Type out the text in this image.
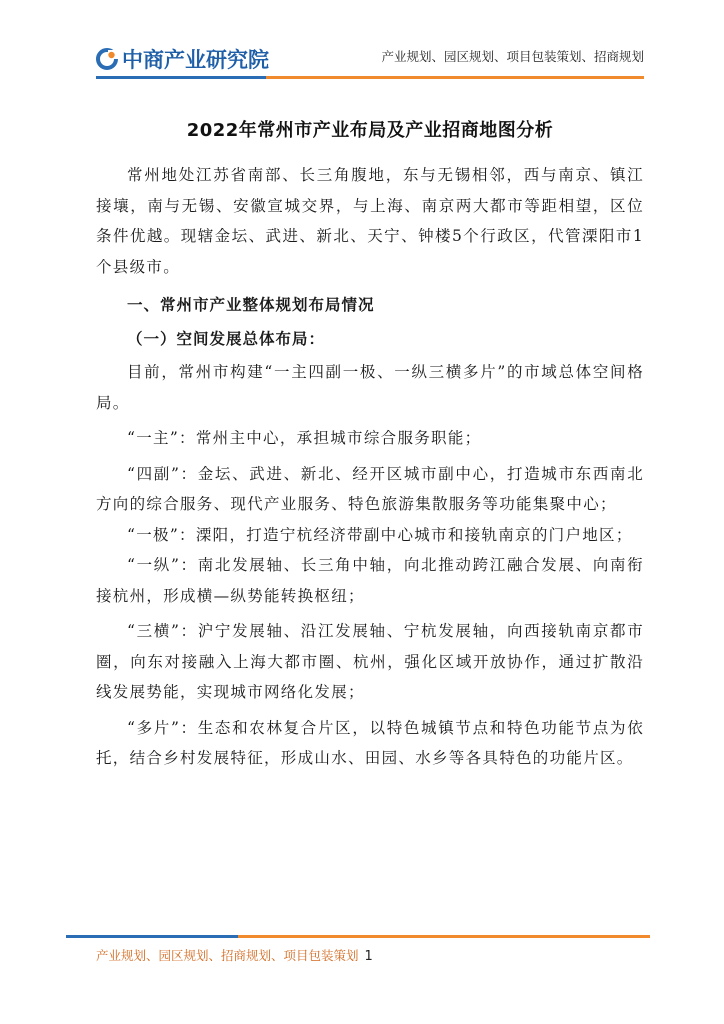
中商产业研究院	产业规划、园区规划、项目包装策划、招商规划
2022年常州市产业布局及产业招商地图分析

常州地处江苏省南部、长三角腹地，东与无锡相邻，西与南京、镇江接壤，南与无锡、安徽宣城交界，与上海、南京两大都市等距相望，区位条件优越。现辖金坛、武进、新北、天宁、钟楼5个行政区，代管溧阳市1个县级市。

一、常州市产业整体规划布局情况
（一）空间发展总体布局：

目前，常州市构建“一主四副一极、一纵三横多片”的市域总体空间格局。

“一主”：常州主中心，承担城市综合服务职能；

“四副”：金坛、武进、新北、经开区城市副中心，打造城市东西南北方向的综合服务、现代产业服务、特色旅游集散服务等功能集聚中心；

“一极”：溧阳，打造宁杭经济带副中心城市和接轨南京的门户地区；

“一纵”：南北发展轴、长三角中轴，向北推动跨江融合发展、向南衔接杭州，形成横—纵势能转换枢纽；

“三横”：沪宁发展轴、沿江发展轴、宁杭发展轴，向西接轨南京都市圈，向东对接融入上海大都市圈、杭州，强化区域开放协作，通过扩散沿线发展势能，实现城市网络化发展；

“多片”：生态和农林复合片区，以特色城镇节点和特色功能节点为依托，结合乡村发展特征，形成山水、田园、水乡等各具特色的功能片区。

产业规划、园区规划、招商规划、项目包装策划 1
